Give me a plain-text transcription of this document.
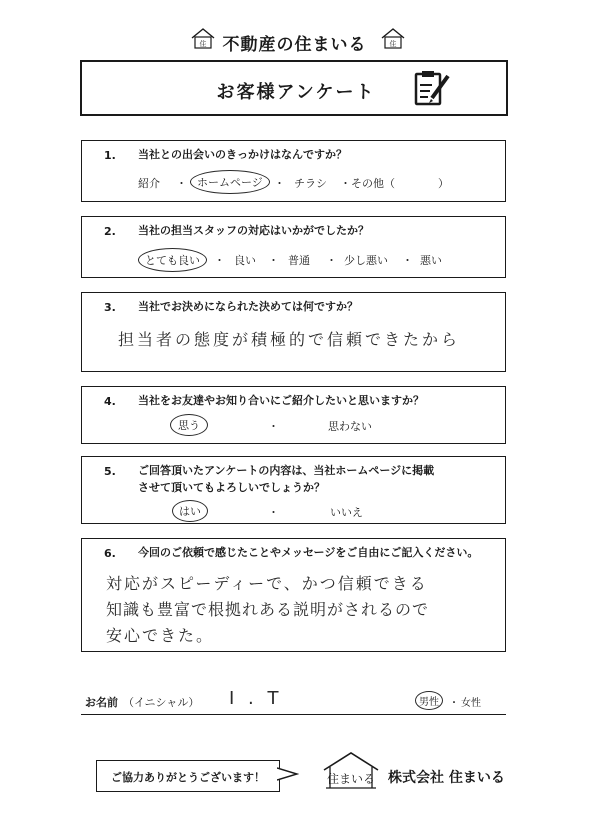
不動産の住まいる
住	住
お客様アンケート
1. 当社との出会いのきっかけはなんですか？
紹介 ・ ホームページ	・ チラシ ・その他（	）
2. 当社の担当スタッフの対応はいかがでしたか？
とても良い	・ 良い ・ 普通 ・ 少し悪い ・ 悪い
3. 当社でお決めになられた決めては何ですか？
担当者の態度が積極的で信頼できたから
4. 当社をお友達やお知り合いにご紹介したいと思いますか？
思う	・	思わない
5. ご回答頂いたアンケートの内容は、当社ホームページに掲載
させて頂いてもよろしいでしょうか？
はい	・	いいえ
6. 今回のご依頼で感じたことやメッセージをご自由にご記入ください。
対応がスピーディーで、かつ信頼できる
知識も豊富で根拠れある説明がされるので
安心できた。
お名前 （イニシャル） I . T	男性	・ 女性
ご協力ありがとうございます！	住まいる 株式会社 住まいる
